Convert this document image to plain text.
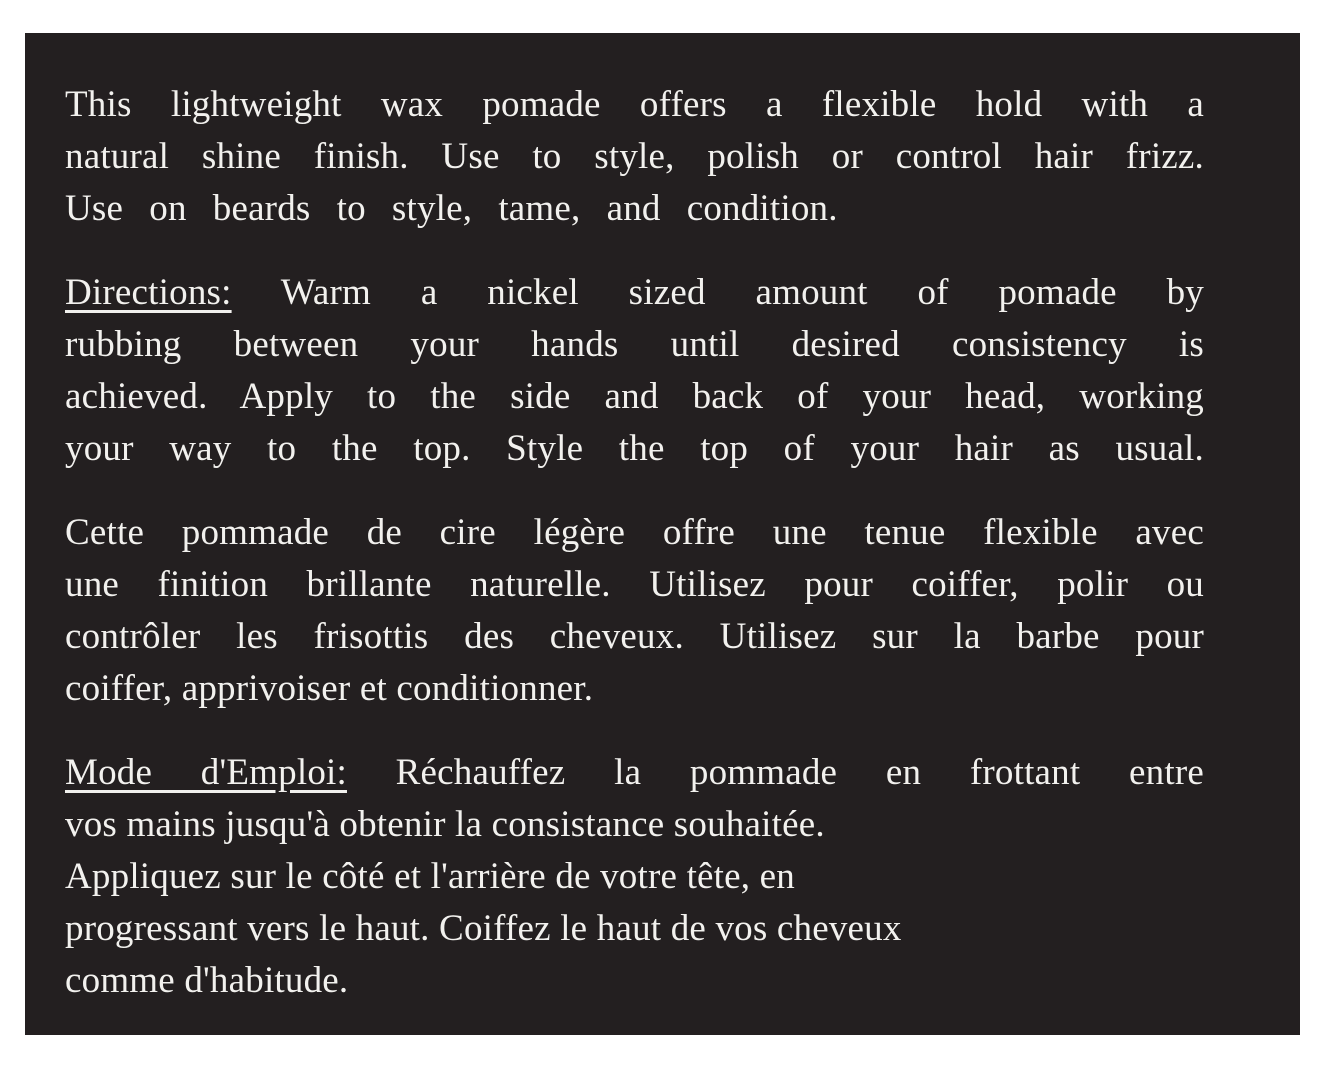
This lightweight wax pomade offers a flexible hold with a
natural shine finish. Use to style, polish or control hair frizz.
Use on beards to style, tame, and condition.
Directions: Warm a nickel sized amount of pomade by
rubbing between your hands until desired consistency is
achieved. Apply to the side and back of your head, working
your way to the top. Style the top of your hair as usual.
Cette pommade de cire légère offre une tenue flexible avec
une finition brillante naturelle. Utilisez pour coiffer, polir ou
contrôler les frisottis des cheveux. Utilisez sur la barbe pour
coiffer, apprivoiser et conditionner.
Mode d'Emploi: Réchauffez la pommade en frottant entre
vos mains jusqu'à obtenir la consistance souhaitée.
Appliquez sur le côté et l'arrière de votre tête, en
progressant vers le haut. Coiffez le haut de vos cheveux
comme d'habitude.
